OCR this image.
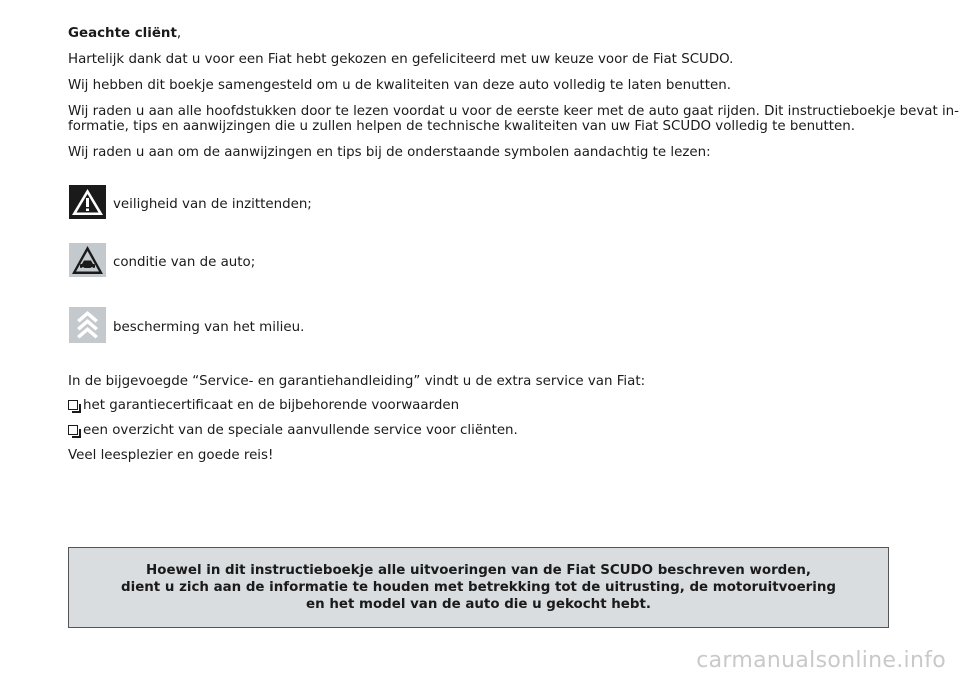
Geachte cliënt,

Hartelijk dank dat u voor een Fiat hebt gekozen en gefeliciteerd met uw keuze voor de Fiat SCUDO.

Wij hebben dit boekje samengesteld om u de kwaliteiten van deze auto volledig te laten benutten.

Wij raden u aan alle hoofdstukken door te lezen voordat u voor de eerste keer met de auto gaat rijden. Dit instructieboekje bevat in-

formatie, tips en aanwijzingen die u zullen helpen de technische kwaliteiten van uw Fiat SCUDO volledig te benutten.

Wij raden u aan om de aanwijzingen en tips bij de onderstaande symbolen aandachtig te lezen:

veiligheid van de inzittenden;
conditie van de auto;
bescherming van het milieu.

In de bijgevoegde “Service- en garantiehandleiding” vindt u de extra service van Fiat:

het garantiecertificaat en de bijbehorende voorwaarden

een overzicht van de speciale aanvullende service voor cliënten.

Veel leesplezier en goede reis!

Hoewel in dit instructieboekje alle uitvoeringen van de Fiat SCUDO beschreven worden,
dient u zich aan de informatie te houden met betrekking tot de uitrusting, de motoruitvoering
en het model van de auto die u gekocht hebt.
carmanualsonline.info
